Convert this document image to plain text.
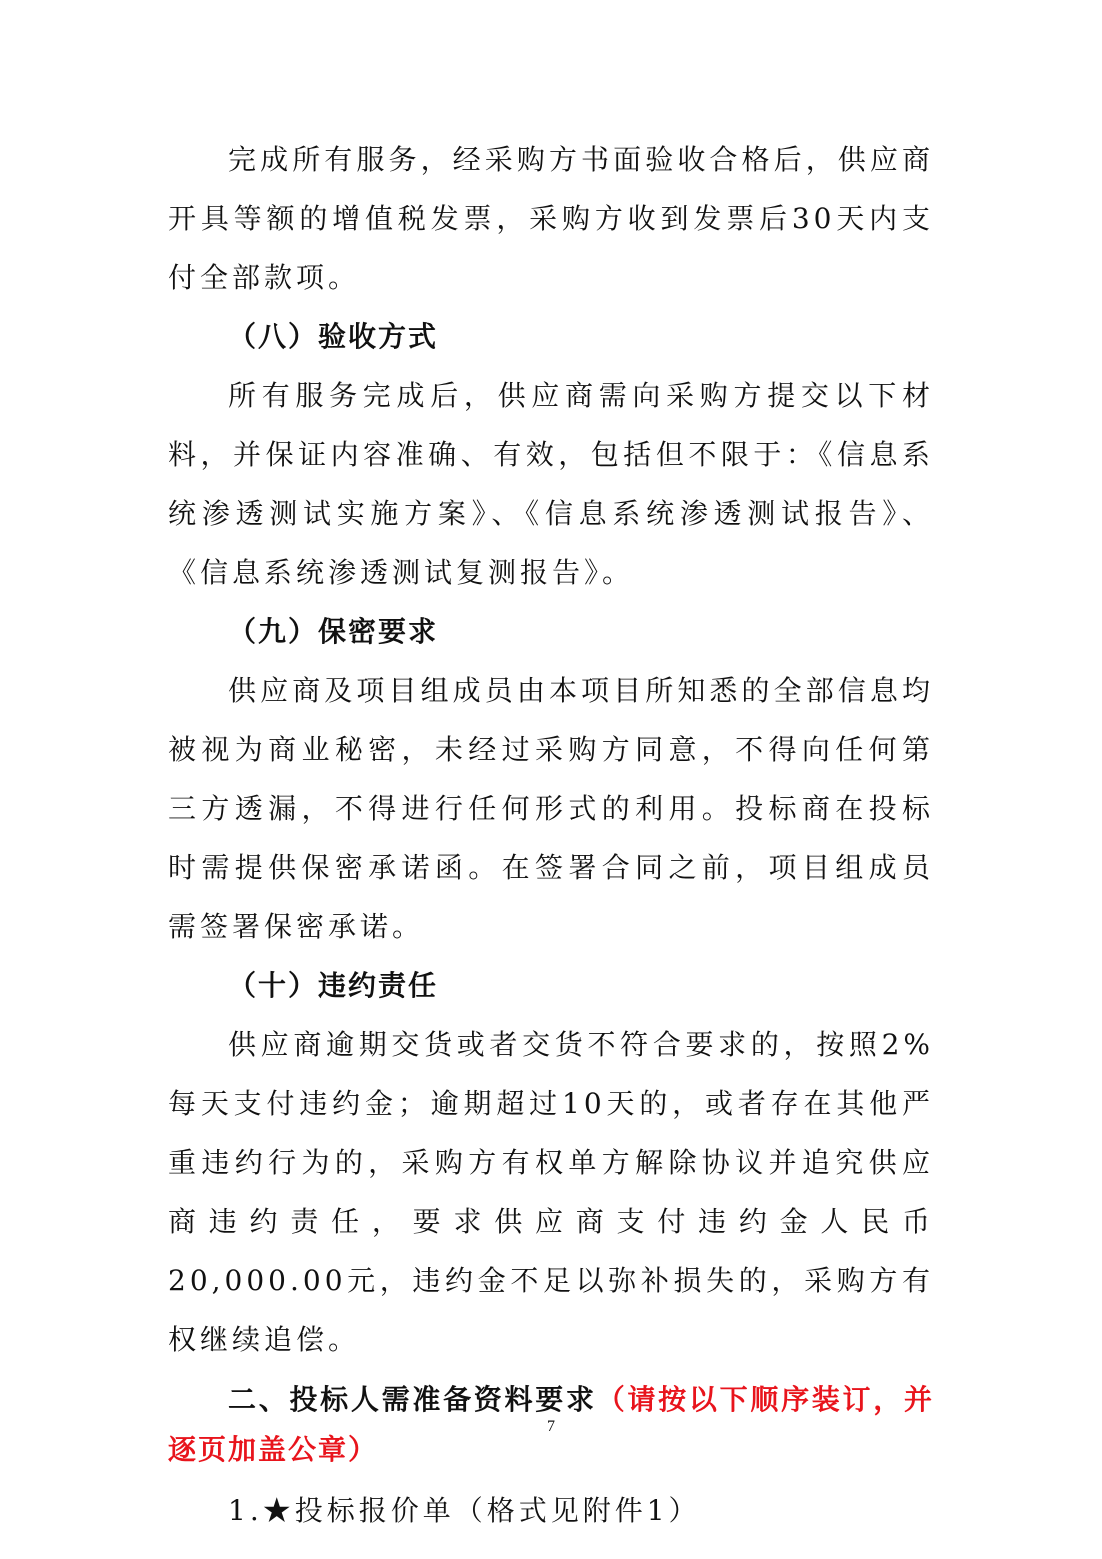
完成所有服务，经采购方书面验收合格后，供应商开具等额的增值税发票，采购方收到发票后30天内支付全部款项。

（八）验收方式

所有服务完成后，供应商需向采购方提交以下材料，并保证内容准确、有效，包括但不限于：《信息系统渗透测试实施方案》、《信息系统渗透测试报告》、《信息系统渗透测试复测报告》。

（九）保密要求

供应商及项目组成员由本项目所知悉的全部信息均被视为商业秘密，未经过采购方同意，不得向任何第三方透漏，不得进行任何形式的利用。投标商在投标时需提供保密承诺函。在签署合同之前，项目组成员需签署保密承诺。

（十）违约责任

供应商逾期交货或者交货不符合要求的，按照2%每天支付违约金；逾期超过10天的，或者存在其他严重违约行为的，采购方有权单方解除协议并追究供应商违约责任，要求供应商支付违约金人民币20,000.00元，违约金不足以弥补损失的，采购方有权继续追偿。

二、投标人需准备资料要求（请按以下顺序装订，并逐页加盖公章）

1.★投标报价单（格式见附件1）

7
